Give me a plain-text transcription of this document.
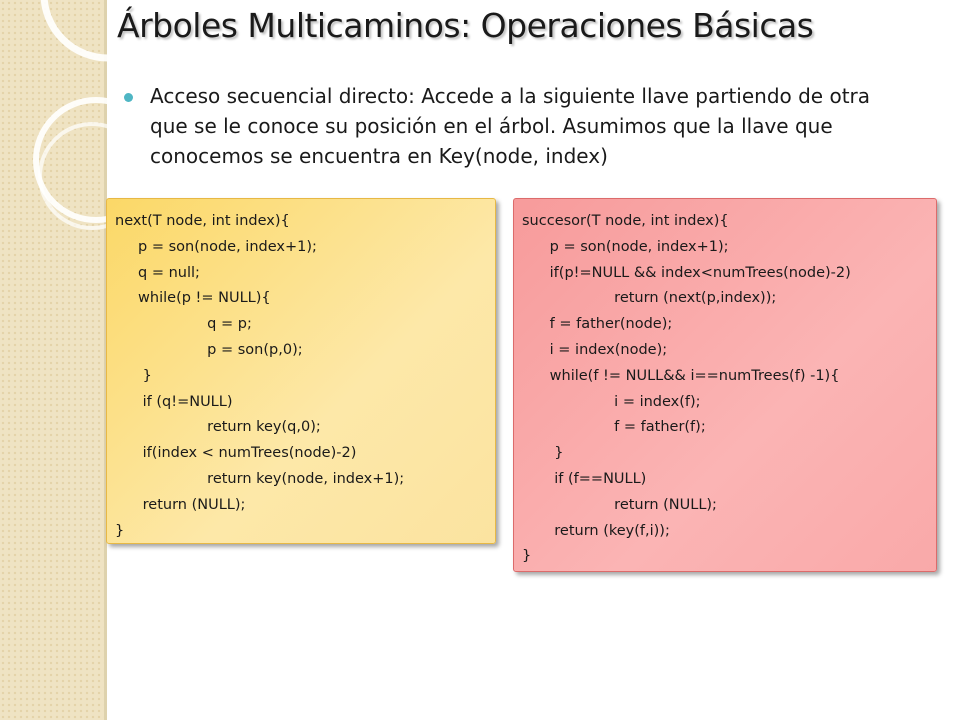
Árboles Multicaminos: Operaciones Básicas

Acceso secuencial directo: Accede a la siguiente llave partiendo de otra que se le conoce su posición en el árbol. Asumimos que la llave que conocemos se encuentra en Key(node, index)

next(T node, int index){
p = son(node, index+1);
q = null;
while(p != NULL){
q = p;
p = son(p,0);
}
if (q!=NULL)
return key(q,0);
if(index < numTrees(node)-2)
return key(node, index+1);
return (NULL);
}
succesor(T node, int index){
p = son(node, index+1);
if(p!=NULL && index<numTrees(node)-2)
return (next(p,index));
f = father(node);
i = index(node);
while(f != NULL&& i==numTrees(f) -1){
i = index(f);
f = father(f);
}
if (f==NULL)
return (NULL);
return (key(f,i));
}
